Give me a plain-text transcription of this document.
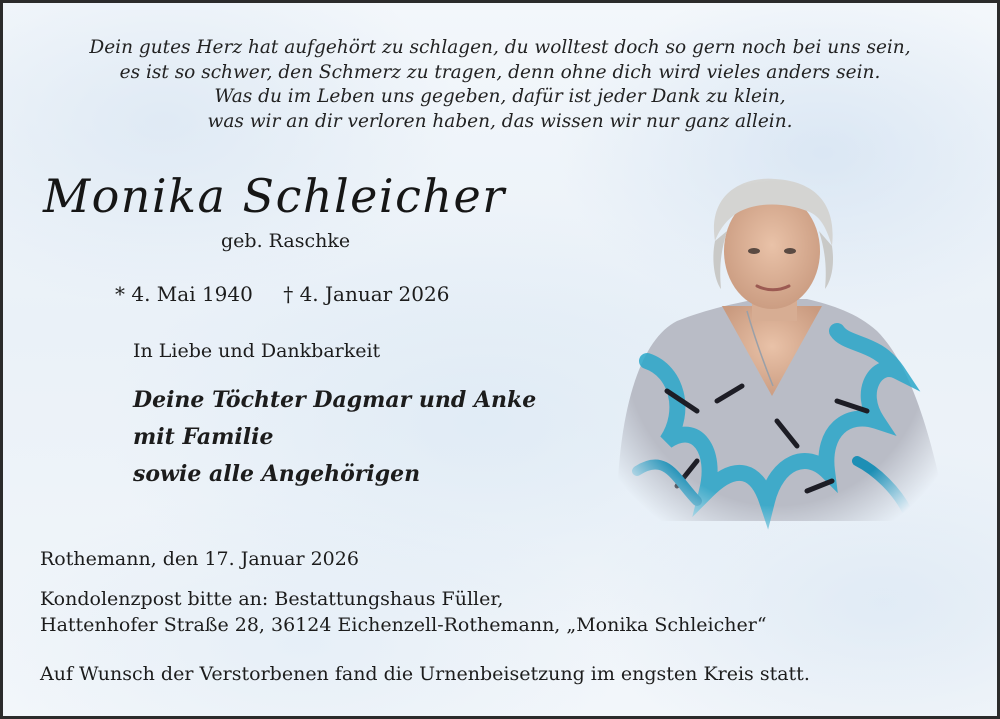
Dein gutes Herz hat aufgehört zu schlagen, du wolltest doch so gern noch bei uns sein,
es ist so schwer, den Schmerz zu tragen, denn ohne dich wird vieles anders sein.
Was du im Leben uns gegeben, dafür ist jeder Dank zu klein,
was wir an dir verloren haben, das wissen wir nur ganz allein.
Monika Schleicher
geb. Raschke
* 4. Mai 1940 † 4. Januar 2026
In Liebe und Dankbarkeit
Deine Töchter Dagmar und Anke
mit Familie
sowie alle Angehörigen
Rothemann, den 17. Januar 2026
Kondolenzpost bitte an: Bestattungshaus Füller,
Hattenhofer Straße 28, 36124 Eichenzell-Rothemann, „Monika Schleicher“
Auf Wunsch der Verstorbenen fand die Urnenbeisetzung im engsten Kreis statt.
